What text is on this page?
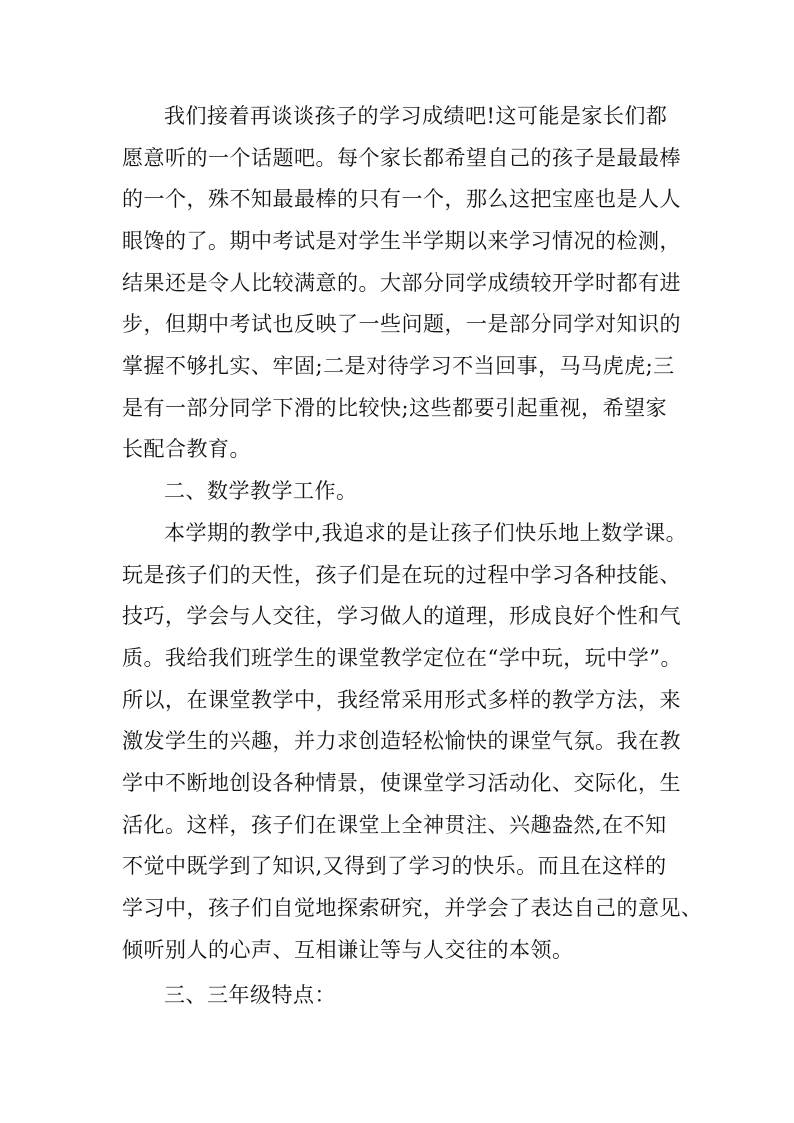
我们接着再谈谈孩子的学习成绩吧!这可能是家长们都
愿意听的一个话题吧。每个家长都希望自己的孩子是最最棒
的一个，殊不知最最棒的只有一个，那么这把宝座也是人人
眼馋的了。期中考试是对学生半学期以来学习情况的检测，
结果还是令人比较满意的。大部分同学成绩较开学时都有进
步，但期中考试也反映了一些问题，一是部分同学对知识的
掌握不够扎实、牢固;二是对待学习不当回事，马马虎虎;三
是有一部分同学下滑的比较快;这些都要引起重视，希望家
长配合教育。
二、数学教学工作。
本学期的教学中,我追求的是让孩子们快乐地上数学课。
玩是孩子们的天性，孩子们是在玩的过程中学习各种技能、
技巧，学会与人交往，学习做人的道理，形成良好个性和气
质。我给我们班学生的课堂教学定位在“学中玩，玩中学”。
所以，在课堂教学中，我经常采用形式多样的教学方法，来
激发学生的兴趣，并力求创造轻松愉快的课堂气氛。我在教
学中不断地创设各种情景，使课堂学习活动化、交际化，生
活化。这样，孩子们在课堂上全神贯注、兴趣盎然,在不知
不觉中既学到了知识,又得到了学习的快乐。而且在这样的
学习中，孩子们自觉地探索研究，并学会了表达自己的意见、
倾听别人的心声、互相谦让等与人交往的本领。
三、三年级特点：
